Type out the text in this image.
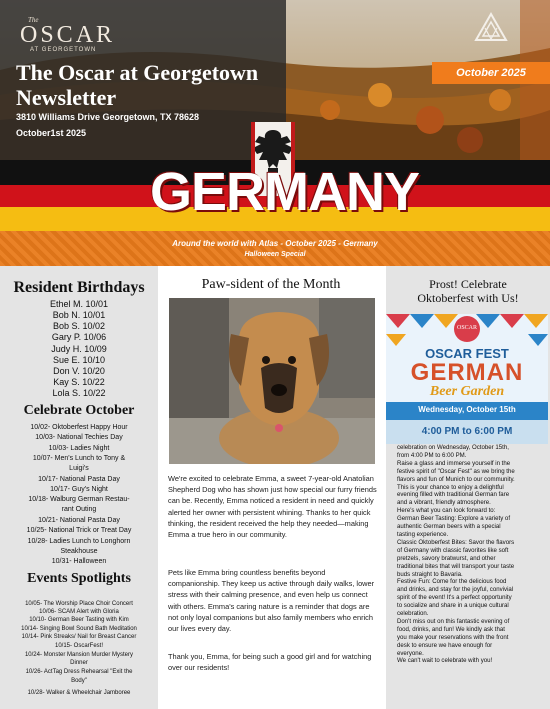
The
OSCAR
AT GEORGETOWN
The Oscar at Georgetown
Newsletter
3810 Williams Drive Georgetown, TX 78628
October1st 2025
October 2025
GERMANY
Around the world with Atlas - October 2025 - Germany
Halloween Special
Resident Birthdays
Ethel M. 10/01
Bob N. 10/01
Bob S. 10/02
Gary P. 10/06
Judy H. 10/09
Sue E. 10/10
Don V. 10/20
Kay S. 10/22
Lola S. 10/22
Celebrate October
10/02- Oktoberfest Happy Hour
10/03- National Techies Day
10/03- Ladies Night
10/07- Men's Lunch to Tony &
Luigi's
10/17- National Pasta Day
10/17- Guy's Night
10/18- Walburg German Restau-
rant Outing
10/21- National Pasta Day
10/25- National Trick or Treat Day
10/28- Ladies Lunch to Longhorn
Steakhouse
10/31- Halloween
Events Spotlights
10/05- The Worship Place Choir Concert
10/06- SCAM Alert with Gloria
10/10- German Beer Tasting with Kim
10/14- Singing Bowl Sound Bath Meditation
10/14- Pink Streaks/ Nail for Breast Cancer
10/15- OscarFest!
10/24- Monster Mansion Murder Mystery
Dinner
10/26- ActTag Dress Rehearsal "Exit the
Body"
10/28- Walker & Wheelchair Jamboree
Paw-sident of the Month
We're excited to celebrate Emma, a sweet 7-year-old Anatolian Shepherd Dog who has shown just how special our furry friends can be. Recently, Emma noticed a resident in need and quickly alerted her owner with persistent whining. Thanks to her quick thinking, the resident received the help they needed—making Emma a true hero in our community.
Pets like Emma bring countless benefits beyond companionship. They keep us active through daily walks, lower stress with their calming presence, and even help us connect with others. Emma's caring nature is a reminder that dogs are not only loyal companions but also family members who enrich our lives every day.
Thank you, Emma, for being such a good girl and for watching over our residents!
Prost! Celebrate
Oktoberfest with Us!
OSCAR
OSCAR FEST
GERMAN
Beer Garden
Wednesday, October 15th
4:00 PM to 6:00 PM
celebration on Wednesday, October 15th,
from 4:00 PM to 6:00 PM.
Raise a glass and immerse yourself in the
festive spirit of "Oscar Fest" as we bring the
flavors and fun of Munich to our community.
This is your chance to enjoy a delightful
evening filled with traditional German fare
and a vibrant, friendly atmosphere.
Here's what you can look forward to:
German Beer Tasting: Explore a variety of
authentic German beers with a special
tasting experience.
Classic Oktoberfest Bites: Savor the flavors
of Germany with classic favorites like soft
pretzels, savory bratwurst, and other
traditional bites that will transport your taste
buds straight to Bavaria.
Festive Fun: Come for the delicious food
and drinks, and stay for the joyful, convivial
spirit of the event! It's a perfect opportunity
to socialize and share in a unique cultural
celebration.
Don't miss out on this fantastic evening of
food, drinks, and fun! We kindly ask that
you make your reservations with the front
desk to ensure we have enough for
everyone.
We can't wait to celebrate with you!
